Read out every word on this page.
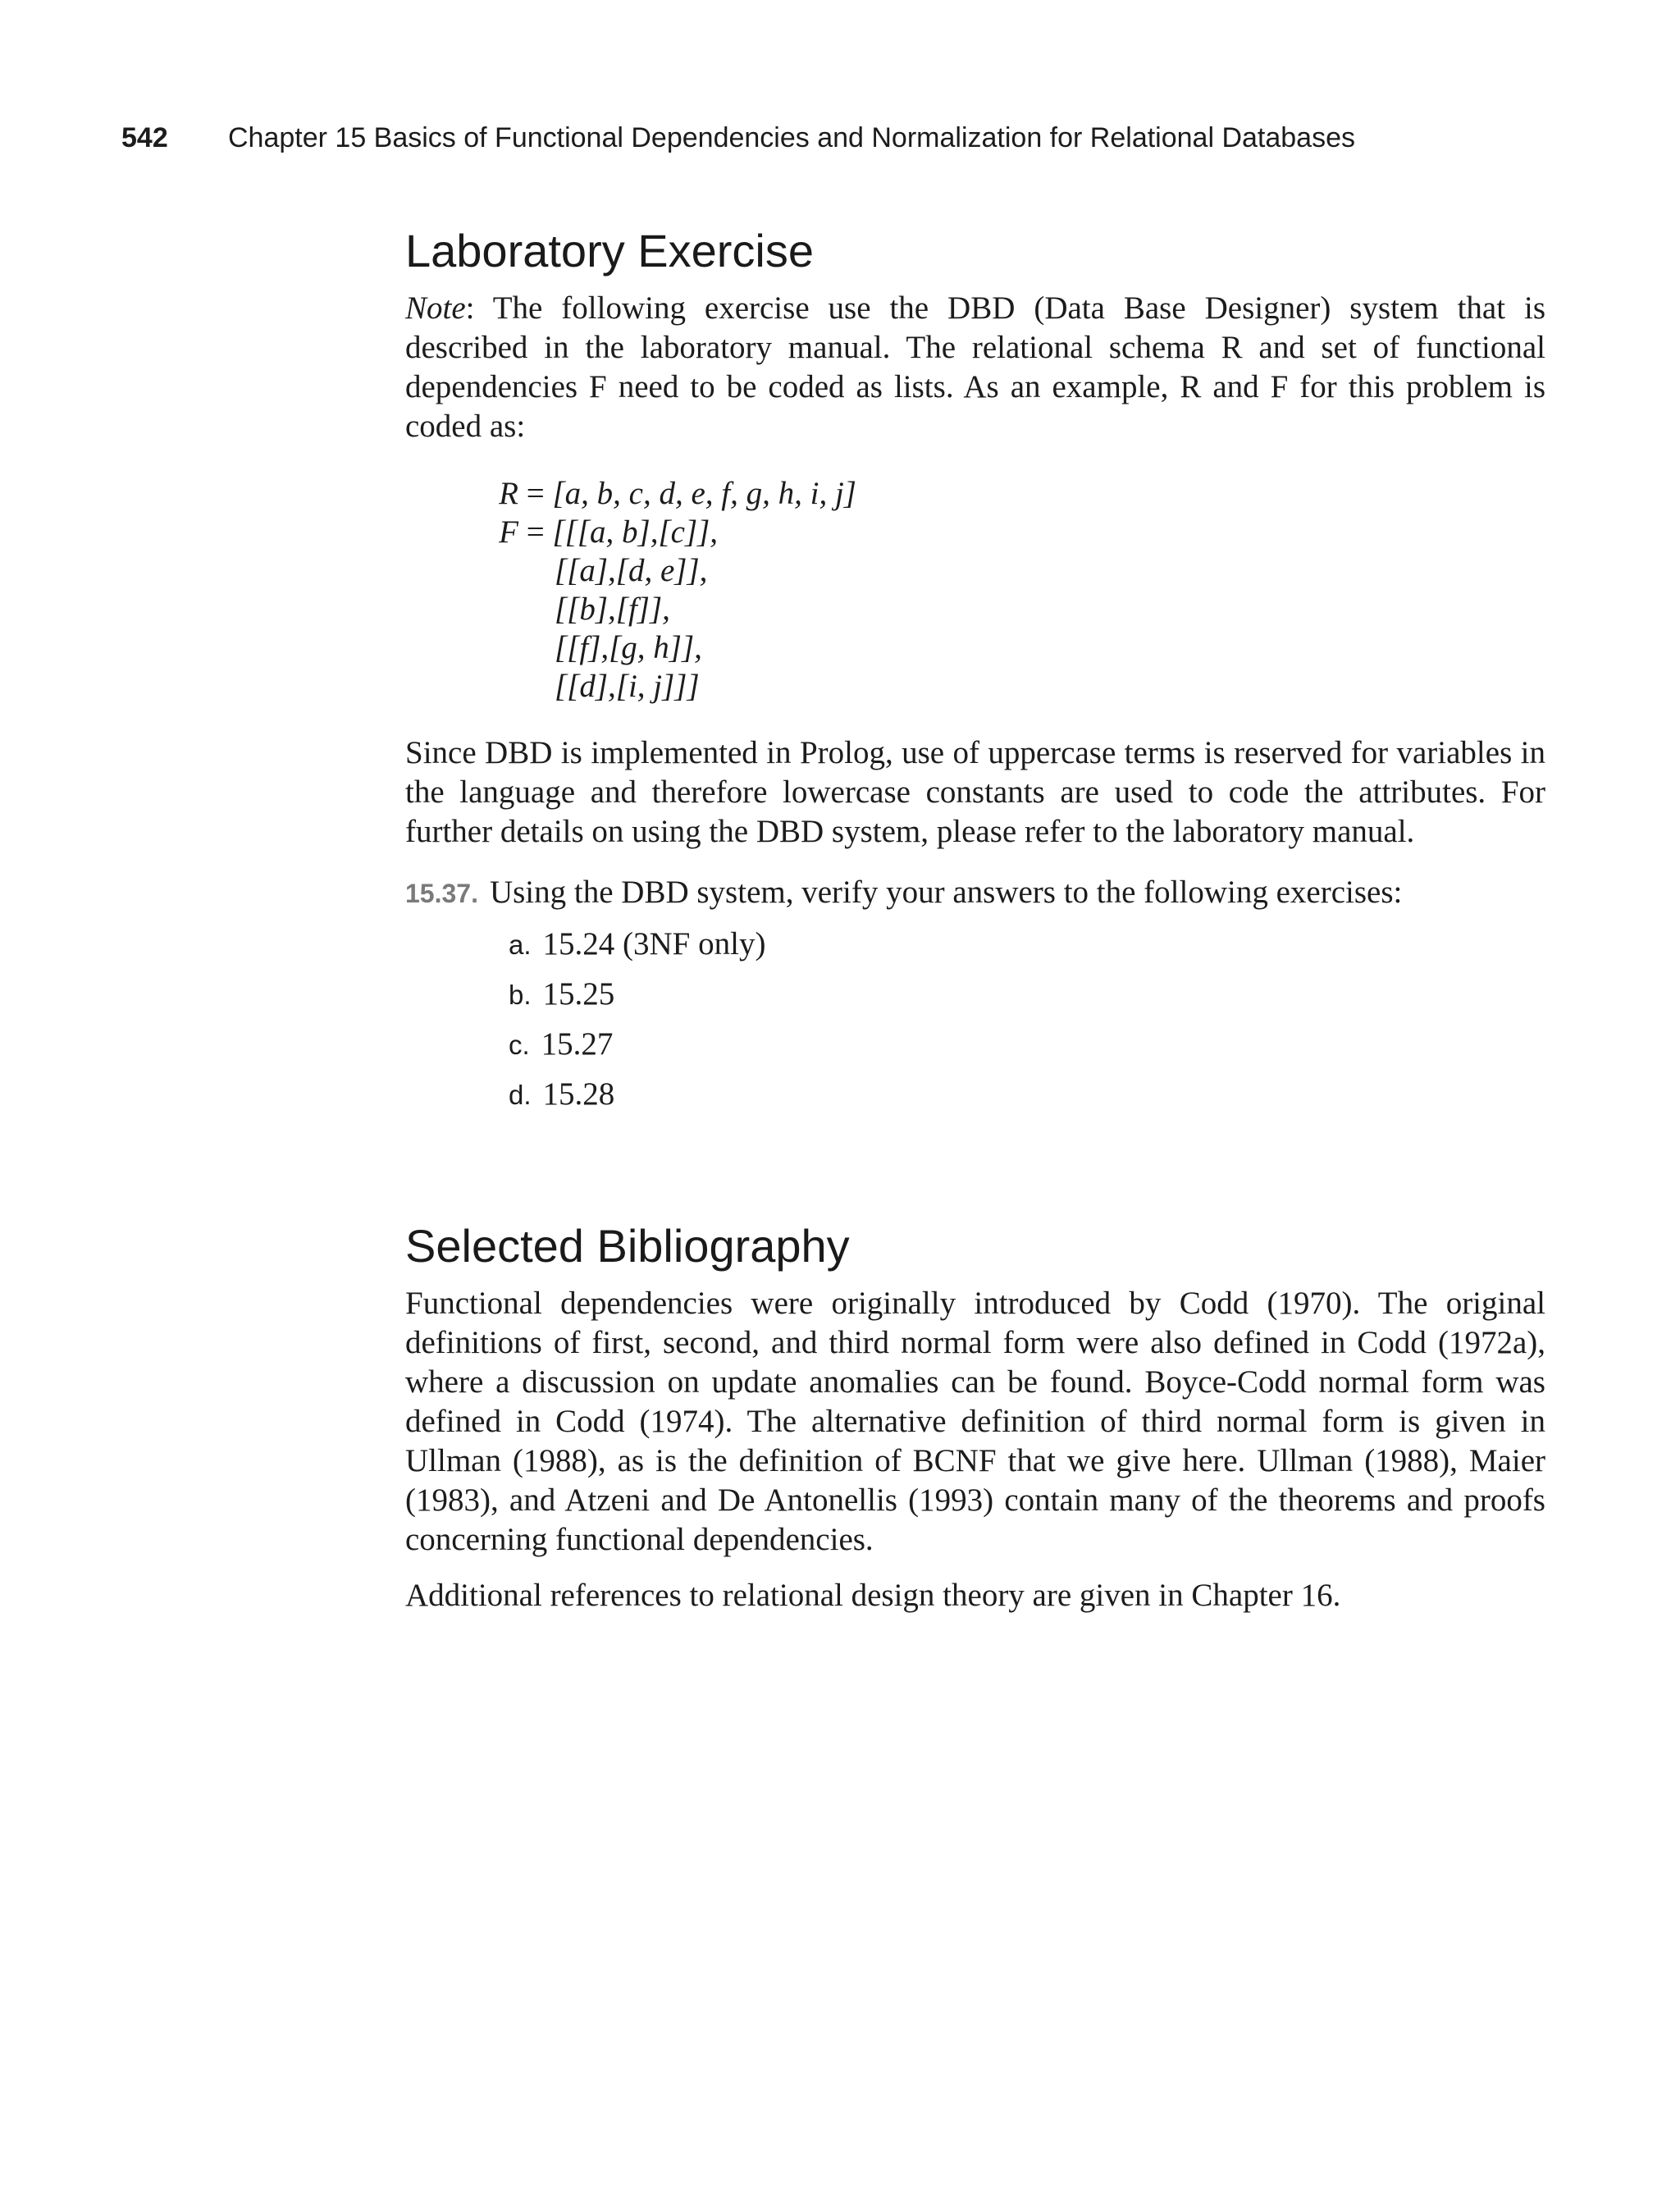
542 Chapter 15 Basics of Functional Dependencies and Normalization for Relational Databases
Laboratory Exercise

Note: The following exercise use the DBD (Data Base Designer) system that is described in the laboratory manual. The relational schema R and set of functional dependencies F need to be coded as lists. As an example, R and F for this problem is coded as:

R = [a, b, c, d, e, f, g, h, i, j]
F = [[[a, b],[c]],
[[a],[d, e]],
[[b],[f]],
[[f],[g, h]],
[[d],[i, j]]]

Since DBD is implemented in Prolog, use of uppercase terms is reserved for variables in the language and therefore lowercase constants are used to code the attributes. For further details on using the DBD system, please refer to the laboratory manual.

15.37. Using the DBD system, verify your answers to the following exercises:
a. 15.24 (3NF only)
b. 15.25
c. 15.27
d. 15.28
Selected Bibliography

Functional dependencies were originally introduced by Codd (1970). The original definitions of first, second, and third normal form were also defined in Codd (1972a), where a discussion on update anomalies can be found. Boyce-Codd normal form was defined in Codd (1974). The alternative definition of third normal form is given in Ullman (1988), as is the definition of BCNF that we give here. Ullman (1988), Maier (1983), and Atzeni and De Antonellis (1993) contain many of the theorems and proofs concerning functional dependencies.

Additional references to relational design theory are given in Chapter 16.
